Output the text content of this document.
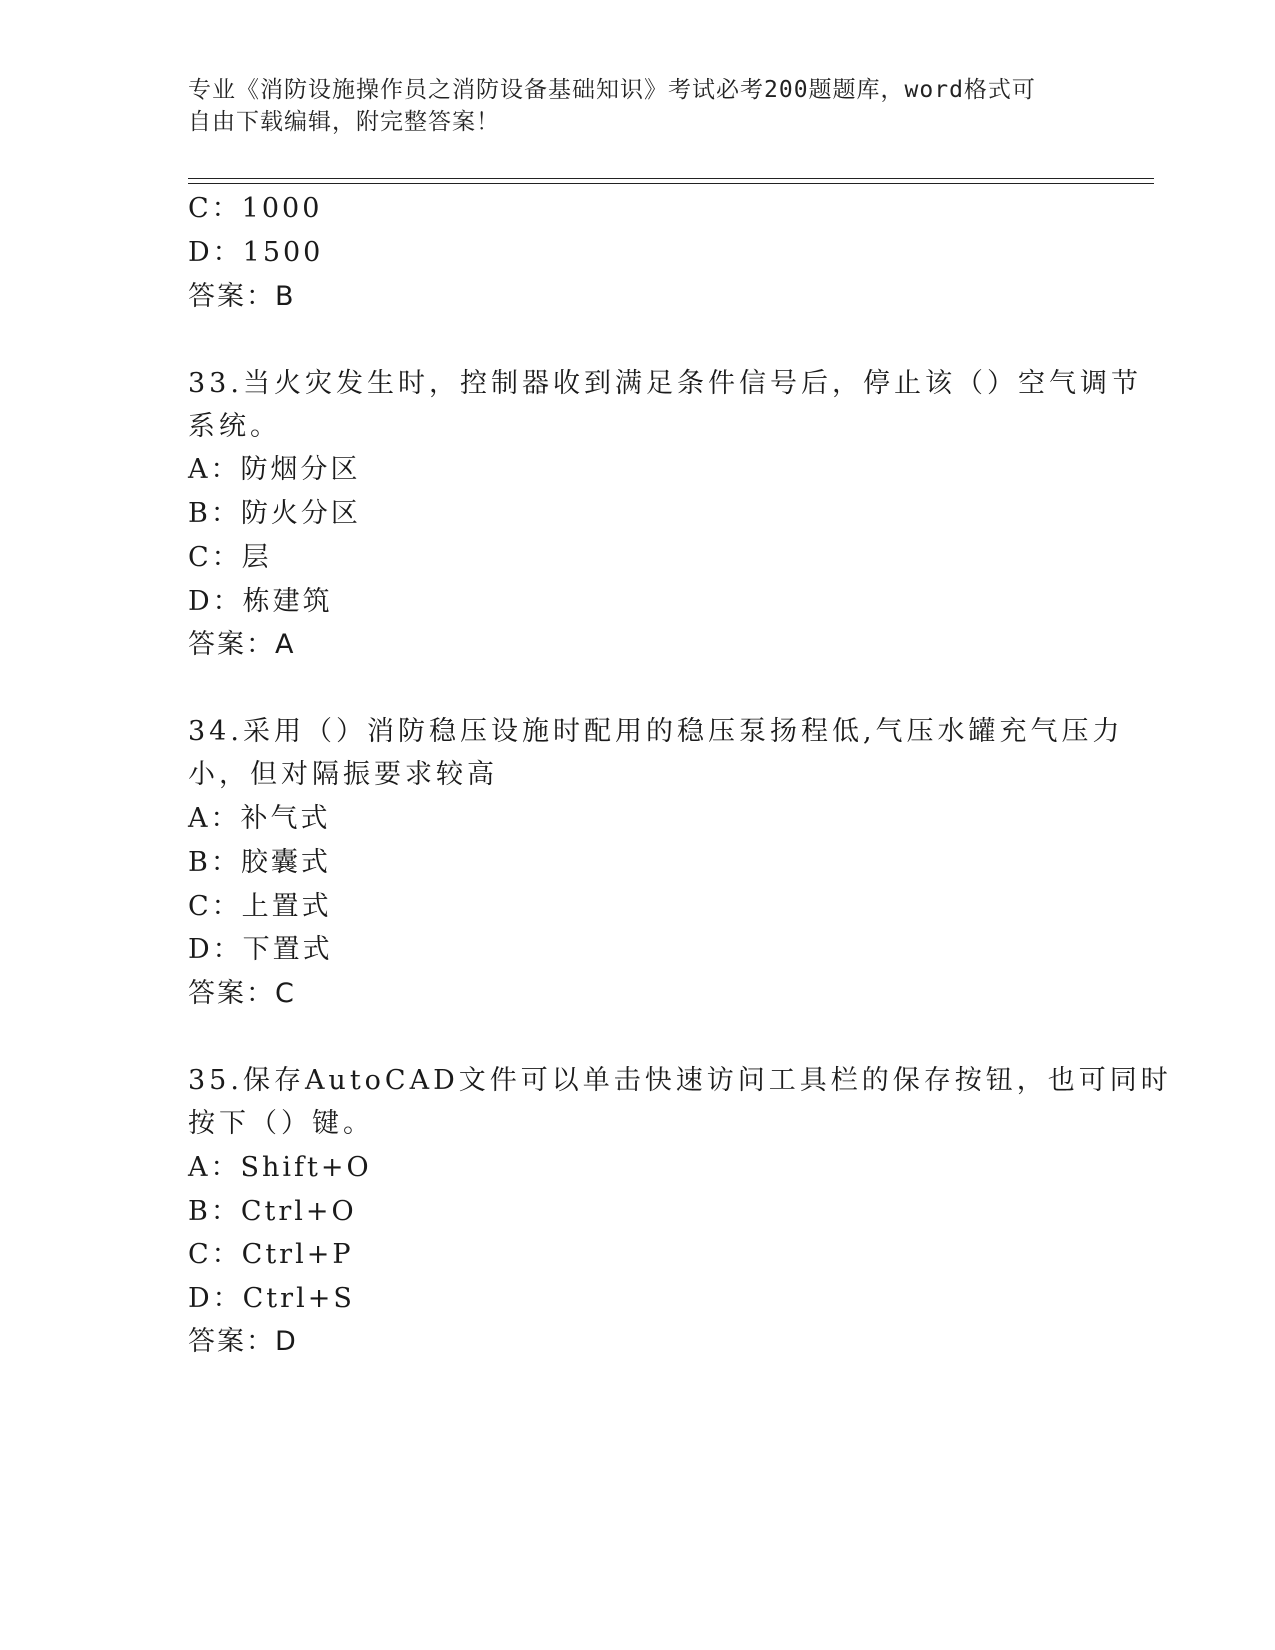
专业《消防设施操作员之消防设备基础知识》考试必考200题题库，word格式可
自由下载编辑，附完整答案！
C：1000
D：1500
答案：B
33.当火灾发生时，控制器收到满足条件信号后，停止该（）空气调节
系统。
A：防烟分区
B：防火分区
C：层
D：栋建筑
答案：A
34.采用（）消防稳压设施时配用的稳压泵扬程低,气压水罐充气压力
小，但对隔振要求较高
A：补气式
B：胶囊式
C：上置式
D：下置式
答案：C
35.保存AutoCAD文件可以单击快速访问工具栏的保存按钮，也可同时
按下（）键。
A：Shift+O
B：Ctrl+O
C：Ctrl+P
D：Ctrl+S
答案：D
